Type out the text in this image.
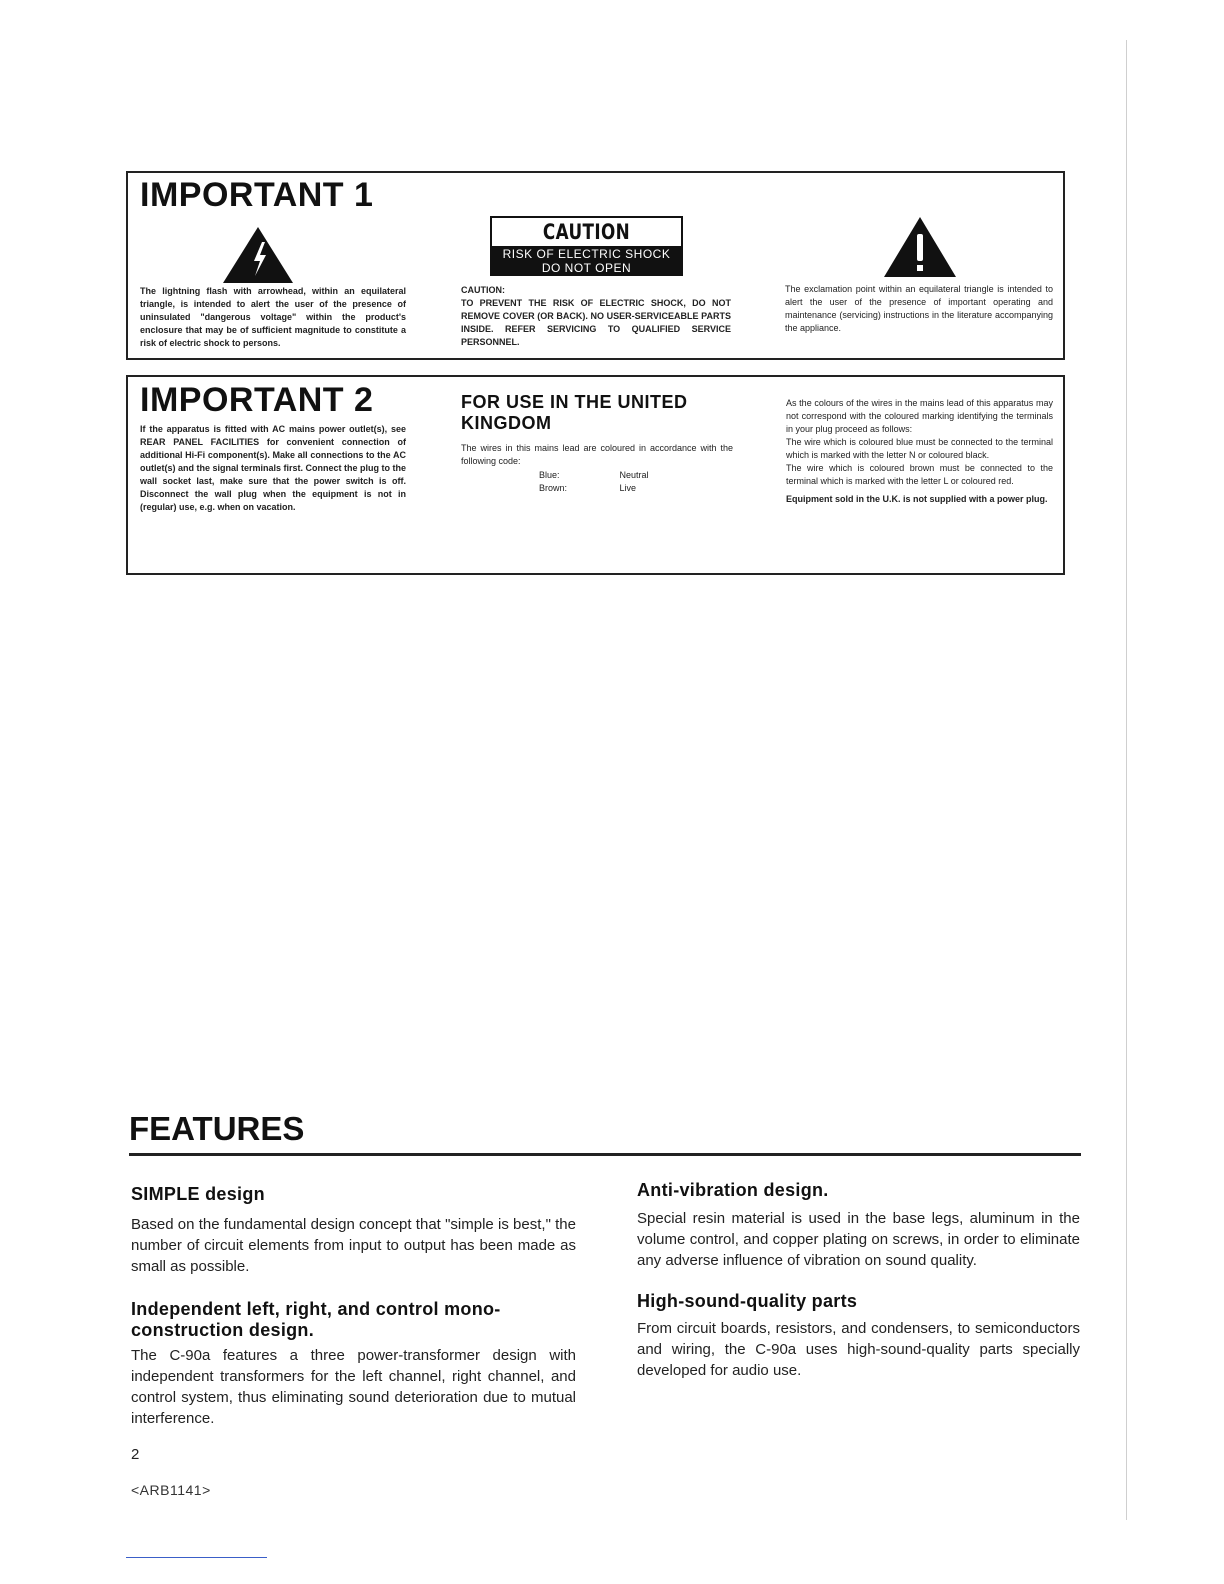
IMPORTANT 1
The lightning flash with arrowhead, within an equilateral triangle, is intended to alert the user of the presence of uninsulated "dangerous voltage" within the product's enclosure that may be of sufficient magnitude to constitute a risk of electric shock to persons.
CAUTION
RISK OF ELECTRIC SHOCK
DO NOT OPEN
CAUTION:
TO PREVENT THE RISK OF ELECTRIC SHOCK, DO NOT REMOVE COVER (OR BACK). NO USER-SERVICEABLE PARTS INSIDE. REFER SERVICING TO QUALIFIED SERVICE PERSONNEL.
The exclamation point within an equilateral triangle is intended to alert the user of the presence of important operating and maintenance (servicing) instructions in the literature accompanying the appliance.
IMPORTANT 2
If the apparatus is fitted with AC mains power outlet(s), see REAR PANEL FACILITIES for convenient connection of additional Hi-Fi component(s). Make all connections to the AC outlet(s) and the signal terminals first. Connect the plug to the wall socket last, make sure that the power switch is off. Disconnect the wall plug when the equipment is not in (regular) use, e.g. when on vacation.
FOR USE IN THE UNITED KINGDOM
The wires in this mains lead are coloured in accordance with the following code:
Blue:	Neutral
Brown:	Live
As the colours of the wires in the mains lead of this apparatus may not correspond with the coloured marking identifying the terminals in your plug proceed as follows:
The wire which is coloured blue must be connected to the terminal which is marked with the letter N or coloured black.
The wire which is coloured brown must be connected to the terminal which is marked with the letter L or coloured red.
Equipment sold in the U.K. is not supplied with a power plug.
FEATURES
SIMPLE design

Based on the fundamental design concept that "simple is best," the number of circuit elements from input to output has been made as small as possible.

Independent left, right, and control mono-construction design.

The C-90a features a three power-transformer design with independent transformers for the left channel, right channel, and control system, thus eliminating sound deterioration due to mutual interference.

Anti-vibration design.

Special resin material is used in the base legs, aluminum in the volume control, and copper plating on screws, in order to eliminate any adverse influence of vibration on sound quality.

High-sound-quality parts

From circuit boards, resistors, and condensers, to semiconductors and wiring, the C-90a uses high-sound-quality parts specially developed for audio use.

2
<ARB1141>
